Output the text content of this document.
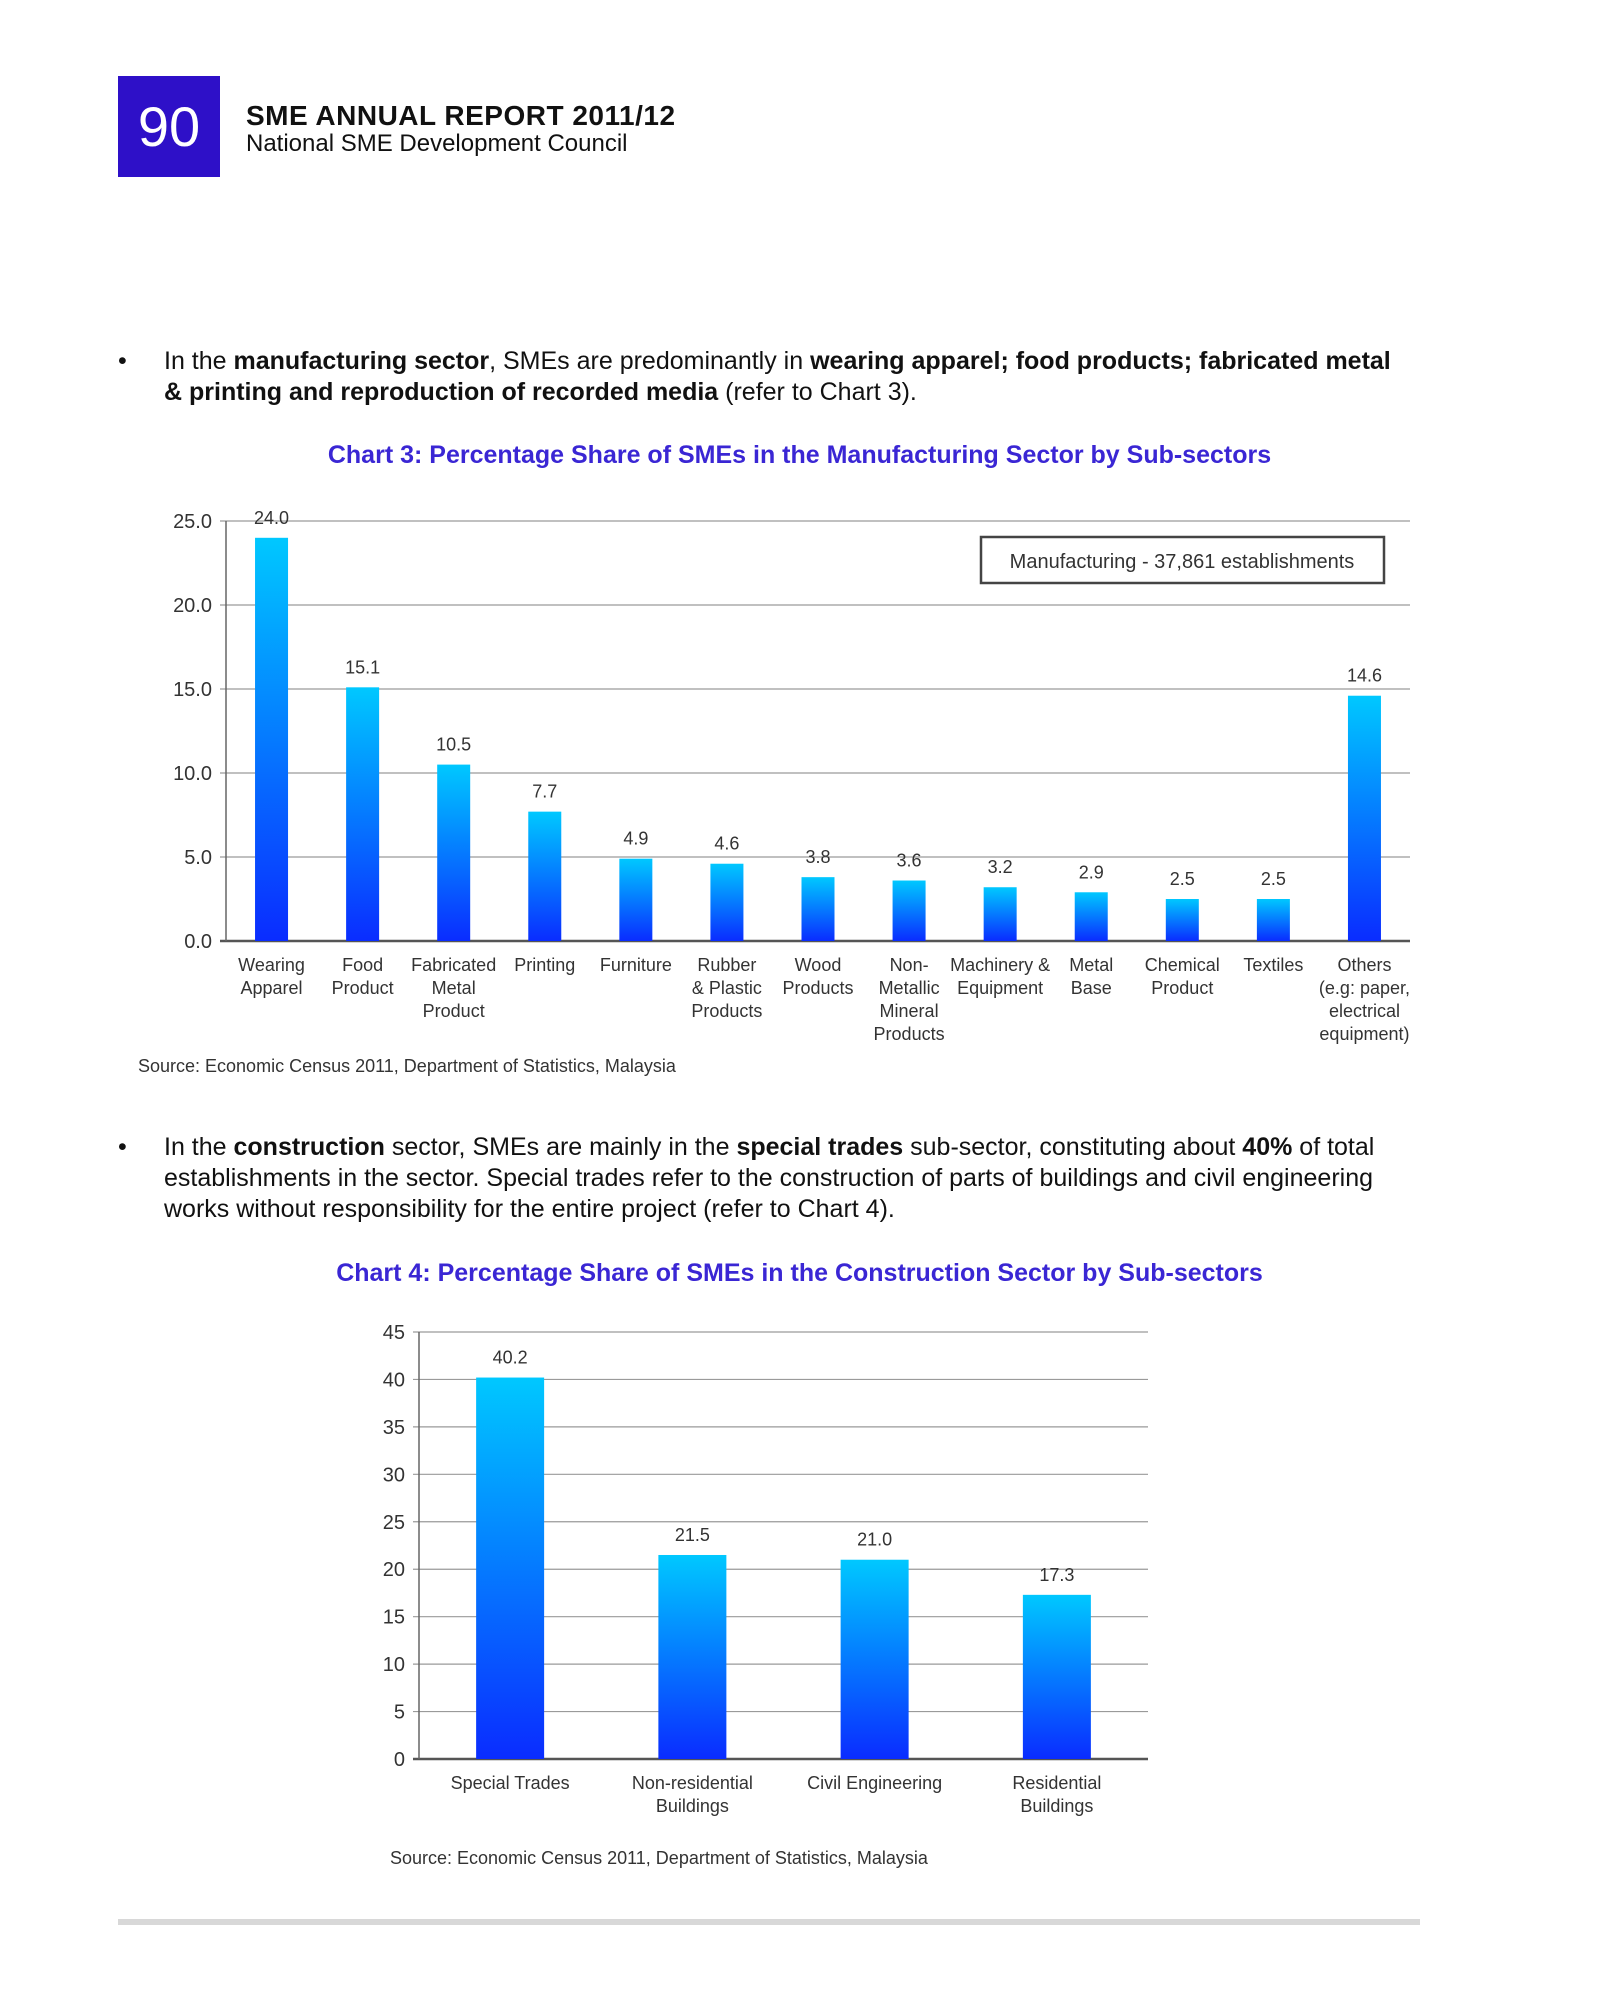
90	SME ANNUAL REPORT 2011/12
National SME Development Council
• In the manufacturing sector, SMEs are predominantly in wearing apparel; food products; fabricated metal & printing and reproduction of recorded media (refer to Chart 3).
Chart 3: Percentage Share of SMEs in the Manufacturing Sector by Sub-sectors
0.0
5.0
10.0
15.0
20.0
25.0 24.0
Wearing Apparel
15.1
Food Product
10.5
Fabricated Metal Product
7.7
Printing
4.9
Furniture
4.6
Rubber & Plastic Products
3.8
Wood Products
3.6
Non-Metallic Mineral Products
3.2
Machinery & Equipment
2.9
Metal Base
2.5
Chemical Product
2.5
Textiles
14.6
Others (e.g: paper, electrical equipment)
Manufacturing - 37,861 establishments
Source: Economic Census 2011, Department of Statistics, Malaysia
• In the construction sector, SMEs are mainly in the special trades sub-sector, constituting about 40% of total establishments in the sector. Special trades refer to the construction of parts of buildings and civil engineering works without responsibility for the entire project (refer to Chart 4).
Chart 4: Percentage Share of SMEs in the Construction Sector by Sub-sectors
0
5
10
15
20
25
30
35
40
45
40.2
Special Trades
21.5
Non-residential Buildings
21.0
Civil Engineering
17.3
Residential Buildings
Source: Economic Census 2011, Department of Statistics, Malaysia
